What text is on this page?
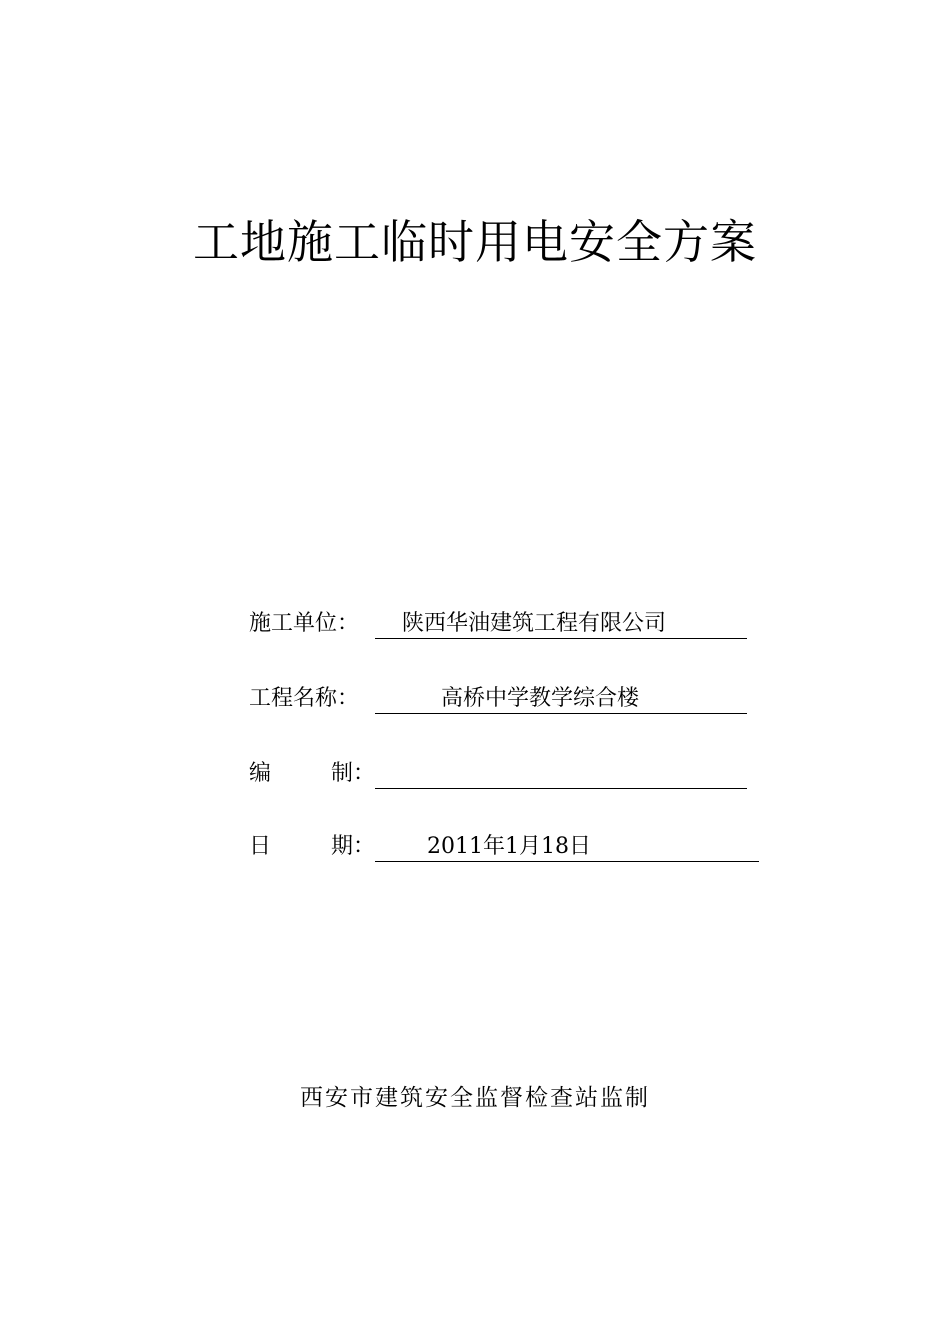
工地施工临时用电安全方案
施工单位：	陕西华油建筑工程有限公司
工程名称：	高桥中学教学综合楼
编	制：
日	期：	2011年1月18日
西安市建筑安全监督检查站监制
